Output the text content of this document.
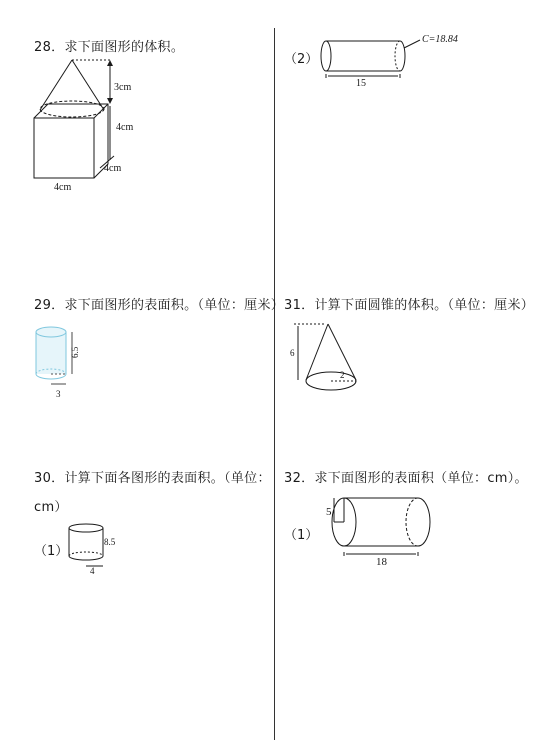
28．求下面图形的体积。
3cm
4cm
4cm
4cm
（2）
C=18.84
15
29．求下面图形的表面积。（单位：厘米）
6.5
3
31．计算下面圆锥的体积。（单位：厘米）
6
2
30．计算下面各图形的表面积。（单位：
cm）
（1）
8.5
4
32．求下面图形的表面积（单位：cm）。
（1）
5
18
